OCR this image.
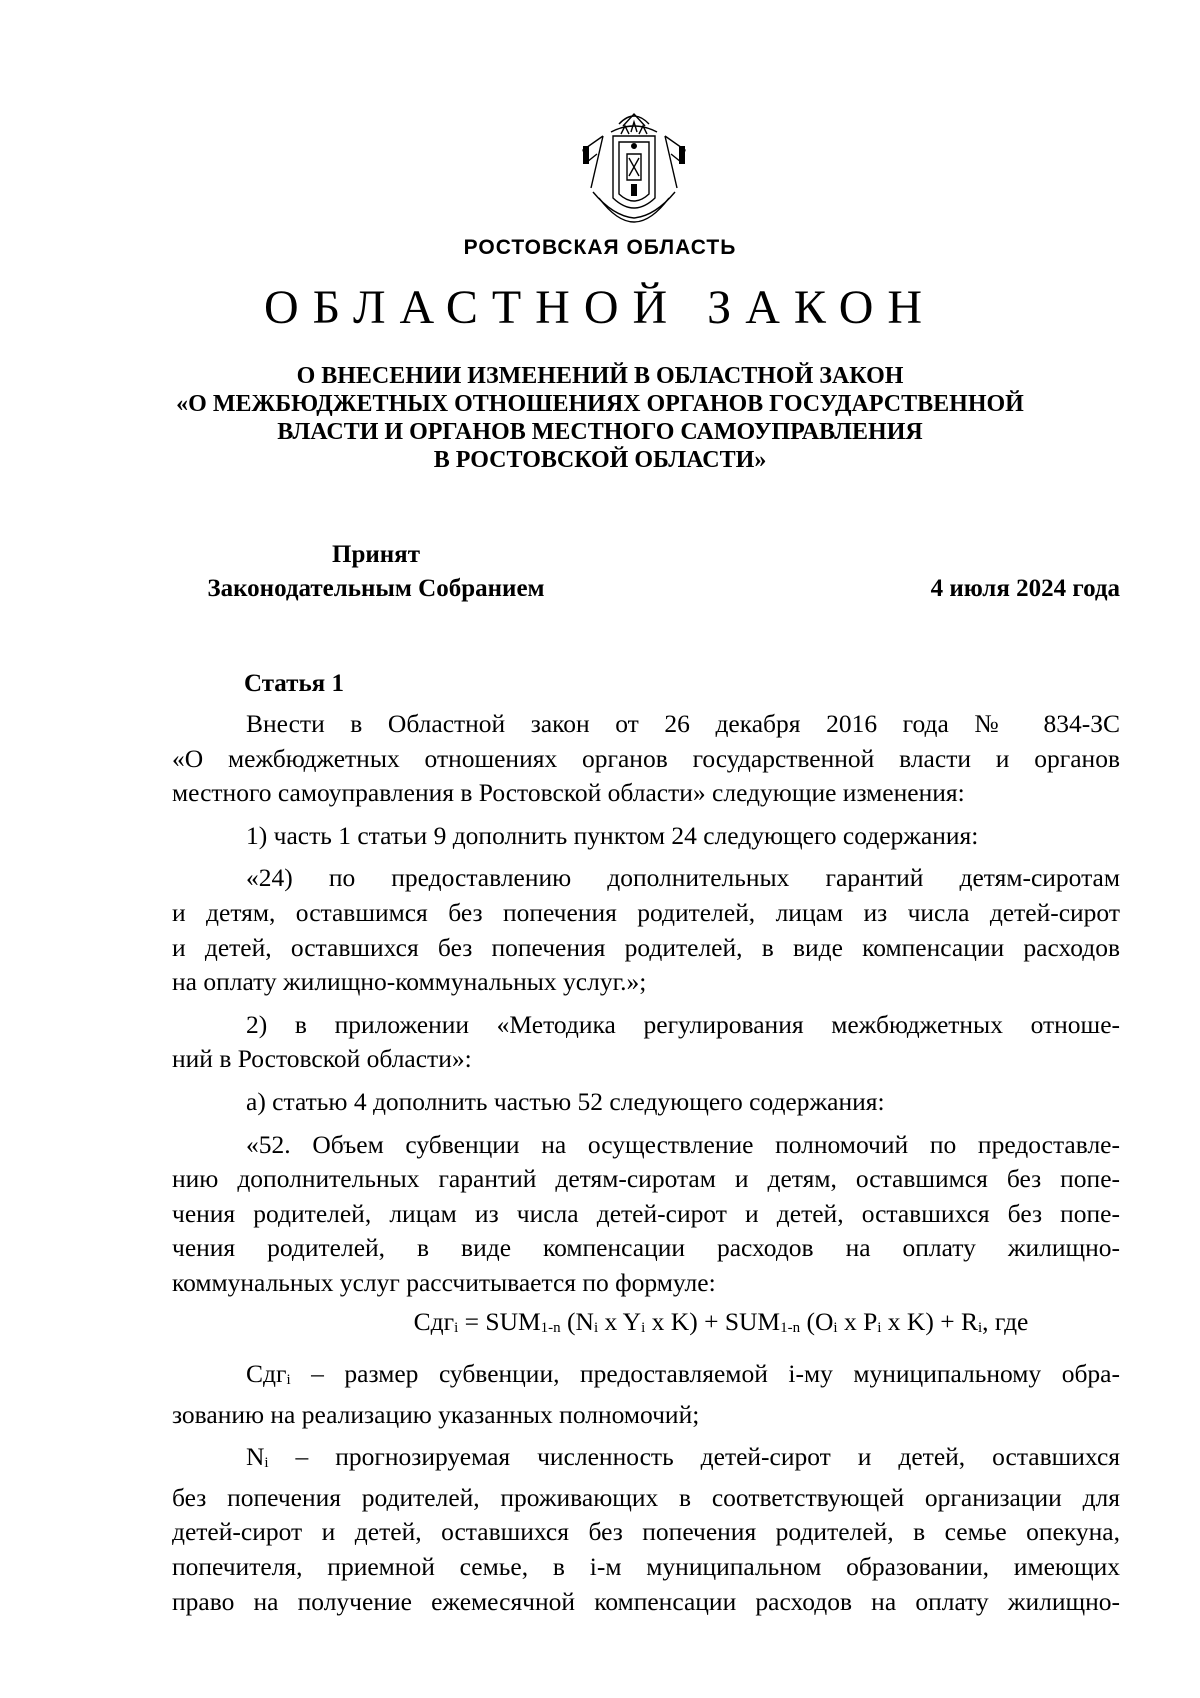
РОСТОВСКАЯ ОБЛАСТЬ
ОБЛАСТНОЙ ЗАКОН
О ВНЕСЕНИИ ИЗМЕНЕНИЙ В ОБЛАСТНОЙ ЗАКОН
«О МЕЖБЮДЖЕТНЫХ ОТНОШЕНИЯХ ОРГАНОВ ГОСУДАРСТВЕННОЙ
ВЛАСТИ И ОРГАНОВ МЕСТНОГО САМОУПРАВЛЕНИЯ
В РОСТОВСКОЙ ОБЛАСТИ»
Принят
Законодательным Собранием	4 июля 2024 года
Статья 1
Внести в Областной закон от 26 декабря 2016 года № 834-ЗС
«О межбюджетных отношениях органов государственной власти и органов
местного самоуправления в Ростовской области» следующие изменения:
1) часть 1 статьи 9 дополнить пунктом 24 следующего содержания:
«24) по предоставлению дополнительных гарантий детям-сиротам
и детям, оставшимся без попечения родителей, лицам из числа детей-сирот
и детей, оставшихся без попечения родителей, в виде компенсации расходов
на оплату жилищно-коммунальных услуг.»;
2) в приложении «Методика регулирования межбюджетных отноше-
ний в Ростовской области»:
а) статью 4 дополнить частью 52 следующего содержания:
«52. Объем субвенции на осуществление полномочий по предоставле-
нию дополнительных гарантий детям-сиротам и детям, оставшимся без попе-
чения родителей, лицам из числа детей-сирот и детей, оставшихся без попе-
чения родителей, в виде компенсации расходов на оплату жилищно-
коммунальных услуг рассчитывается по формуле:
$Сдг_i = SUM_{1-n}$ ($N_i$ x $Y_i$ x $K) + SUM_{1-n}$ ($O_i$ x $P_i$ x $K) + R_i$, где
Сдг$_i$ – размер субвенции, предоставляемой i-му муниципальному обра-
зованию на реализацию указанных полномочий;
$N_i$ – прогнозируемая численность детей-сирот и детей, оставшихся
без попечения родителей, проживающих в соответствующей организации для
детей-сирот и детей, оставшихся без попечения родителей, в семье опекуна,
попечителя, приемной семье, в i-м муниципальном образовании, имеющих
право на получение ежемесячной компенсации расходов на оплату жилищно-
